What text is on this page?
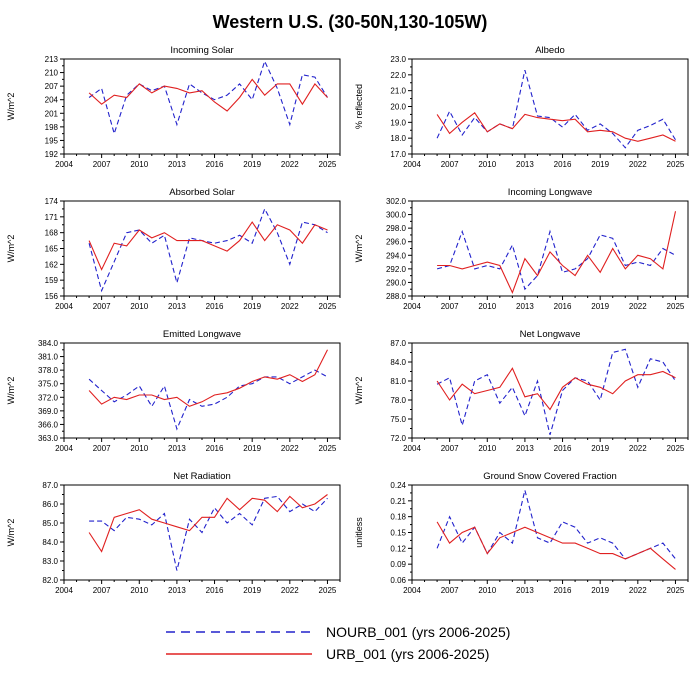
Western U.S. (30-50N,130-105W)
Incoming Solar
W/m^2
192
195
198
201
204
207
210
213
2004 2007 2010 2013 2016 2019 2022 2025
Albedo
% reflected
17.0
18.0
19.0
20.0
21.0
22.0
23.0
2004 2007 2010 2013 2016 2019 2022 2025
Absorbed Solar
W/m^2
156
159
162
165
168
171
174
2004 2007 2010 2013 2016 2019 2022 2025
Incoming Longwave
W/m^2
288.0
290.0
292.0
294.0
296.0
298.0
300.0
302.0
2004 2007 2010 2013 2016 2019 2022 2025
Emitted Longwave
W/m^2
363.0
366.0
369.0
372.0
375.0
378.0
381.0
384.0
2004 2007 2010 2013 2016 2019 2022 2025
Net Longwave
W/m^2
72.0
75.0
78.0
81.0
84.0
87.0
2004 2007 2010 2013 2016 2019 2022 2025
Net Radiation
W/m^2
82.0
83.0
84.0
85.0
86.0
87.0
2004 2007 2010 2013 2016 2019 2022 2025
Ground Snow Covered Fraction
unitless
0.06
0.09
0.12
0.15
0.18
0.21
0.24
2004 2007 2010 2013 2016 2019 2022 2025
NOURB_001 (yrs 2006-2025)
URB_001 (yrs 2006-2025)
